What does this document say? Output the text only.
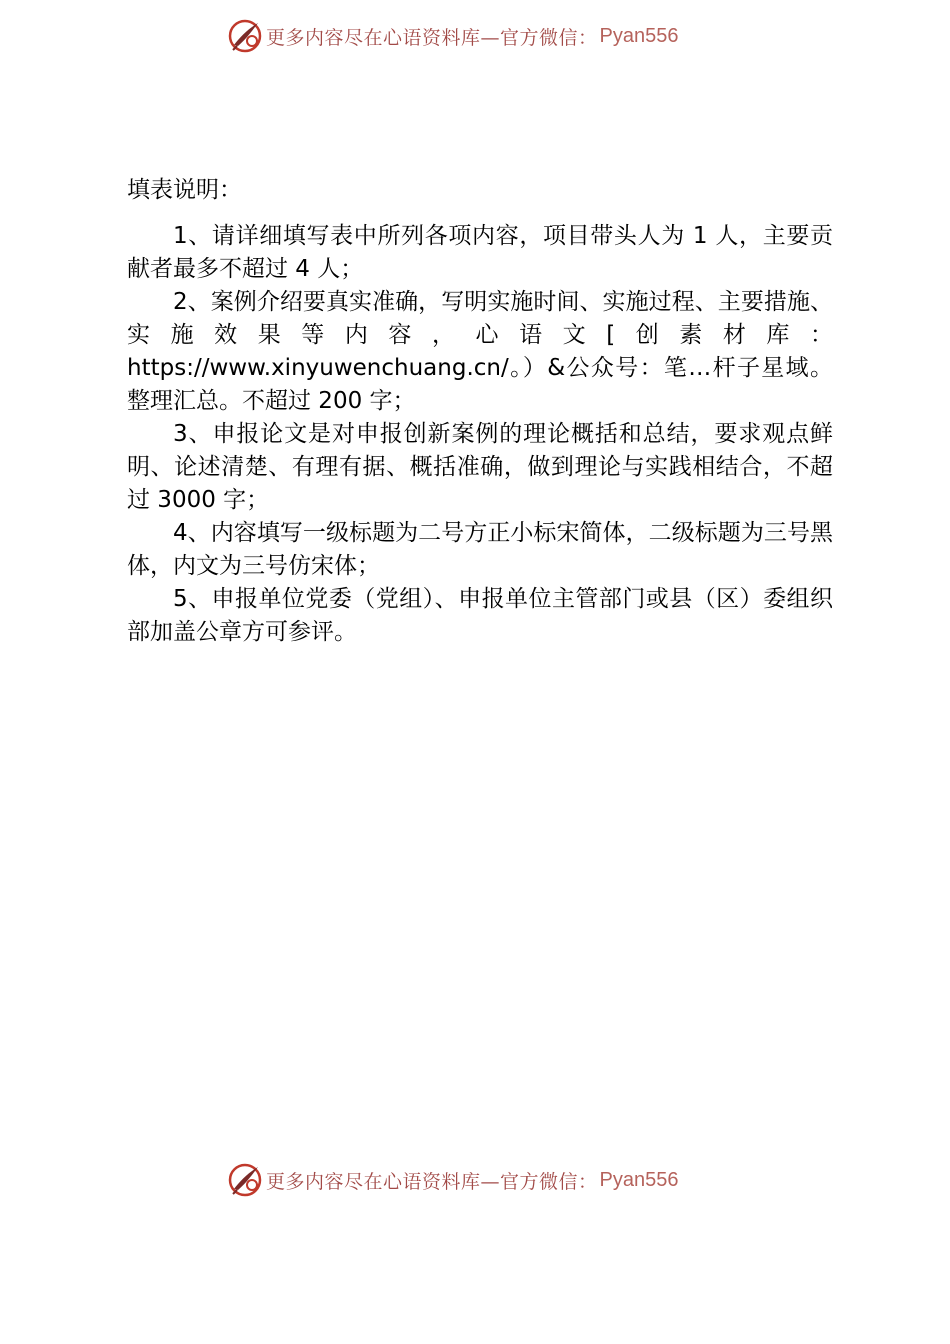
更多内容尽在心语资料库—官方微信： Pyan556

填表说明：

1、请详细填写表中所列各项内容，项目带头人为 1 人，主要贡献者最多不超过 4 人；

2、案例介绍要真实准确，写明实施时间、实施过程、主要措施、实施效果等内容，心语文[创素材库：https://www.xinyuwenchuang.cn/。）&公众号：笔…杆子星域。整理汇总。不超过 200 字；

3、申报论文是对申报创新案例的理论概括和总结，要求观点鲜明、论述清楚、有理有据、概括准确，做到理论与实践相结合，不超过 3000 字；

4、内容填写一级标题为二号方正小标宋简体，二级标题为三号黑体，内文为三号仿宋体；

5、申报单位党委（党组）、申报单位主管部门或县（区）委组织部加盖公章方可参评。

更多内容尽在心语资料库—官方微信： Pyan556
